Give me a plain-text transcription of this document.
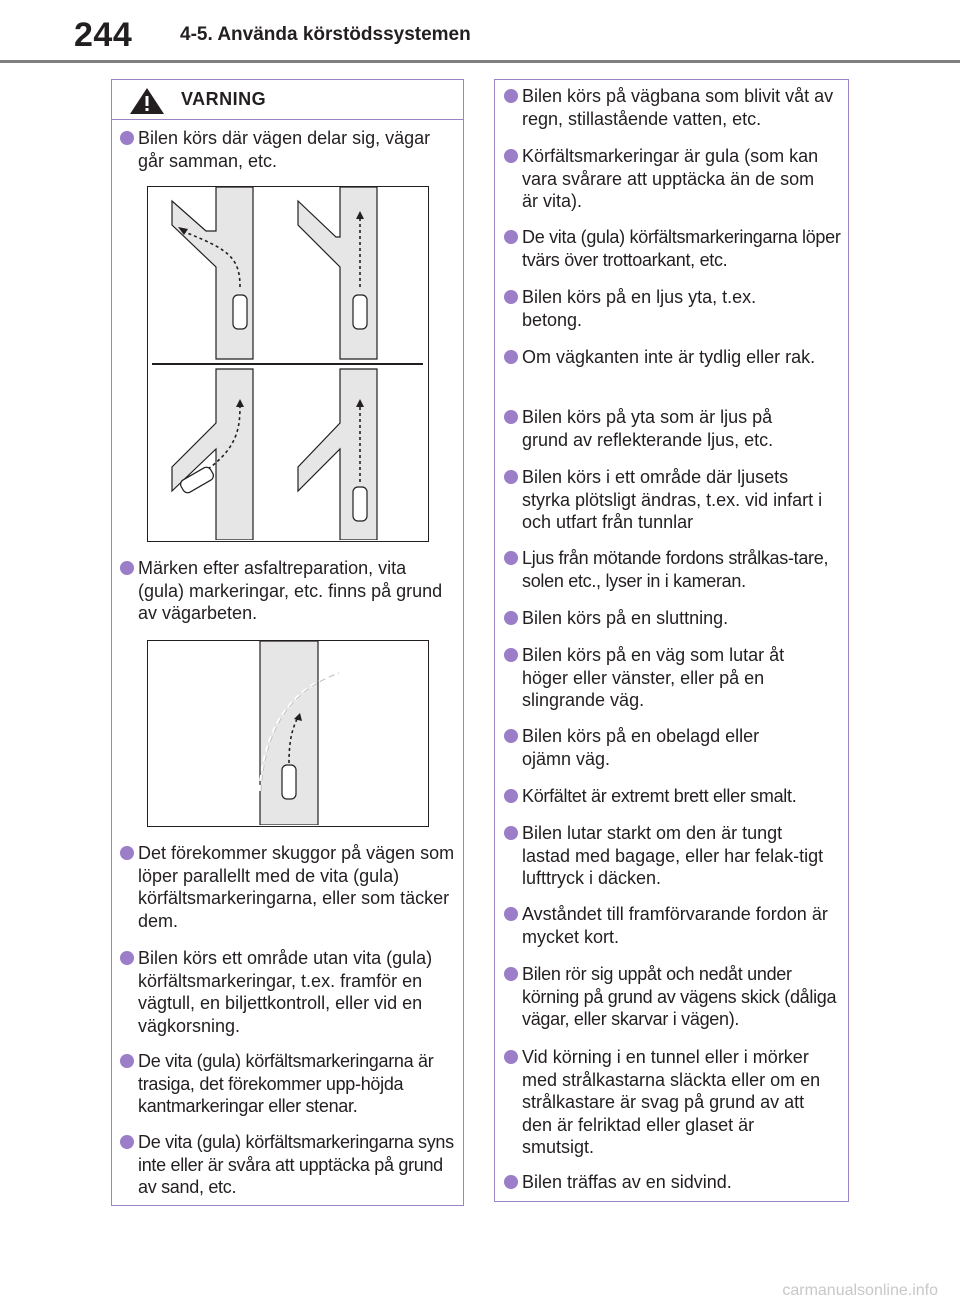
244	4-5. Använda körstödssystemen
VARNING
Bilen körs där vägen delar sig, vägar går samman, etc.
Märken efter asfaltreparation, vita (gula) markeringar, etc. finns på grund av vägarbeten.
Det förekommer skuggor på vägen som löper parallellt med de vita (gula) körfältsmarkeringarna, eller som täcker dem.
Bilen körs ett område utan vita (gula) körfältsmarkeringar, t.ex. framför en vägtull, en biljettkontroll, eller vid en vägkorsning.
De vita (gula) körfältsmarkeringarna är trasiga, det förekommer upp-höjda kantmarkeringar eller stenar.
De vita (gula) körfältsmarkeringarna syns inte eller är svåra att upptäcka på grund av sand, etc.
Bilen körs på vägbana som blivit våt av regn, stillastående vatten, etc.
Körfältsmarkeringar är gula (som kan vara svårare att upptäcka än de som är vita).
De vita (gula) körfältsmarkeringarna löper tvärs över trottoarkant, etc.
Bilen körs på en ljus yta, t.ex. betong.
Om vägkanten inte är tydlig eller rak.
Bilen körs på yta som är ljus på grund av reflekterande ljus, etc.
Bilen körs i ett område där ljusets styrka plötsligt ändras, t.ex. vid infart i och utfart från tunnlar
Ljus från mötande fordons strålkas-tare, solen etc., lyser in i kameran.
Bilen körs på en sluttning.
Bilen körs på en väg som lutar åt höger eller vänster, eller på en slingrande väg.
Bilen körs på en obelagd eller ojämn väg.
Körfältet är extremt brett eller smalt.
Bilen lutar starkt om den är tungt lastad med bagage, eller har felak-tigt lufttryck i däcken.
Avståndet till framförvarande fordon är mycket kort.
Bilen rör sig uppåt och nedåt under körning på grund av vägens skick (dåliga vägar, eller skarvar i vägen).
Vid körning i en tunnel eller i mörker med strålkastarna släckta eller om en strålkastare är svag på grund av att den är felriktad eller glaset är smutsigt.
Bilen träffas av en sidvind.
carmanualsonline.info
